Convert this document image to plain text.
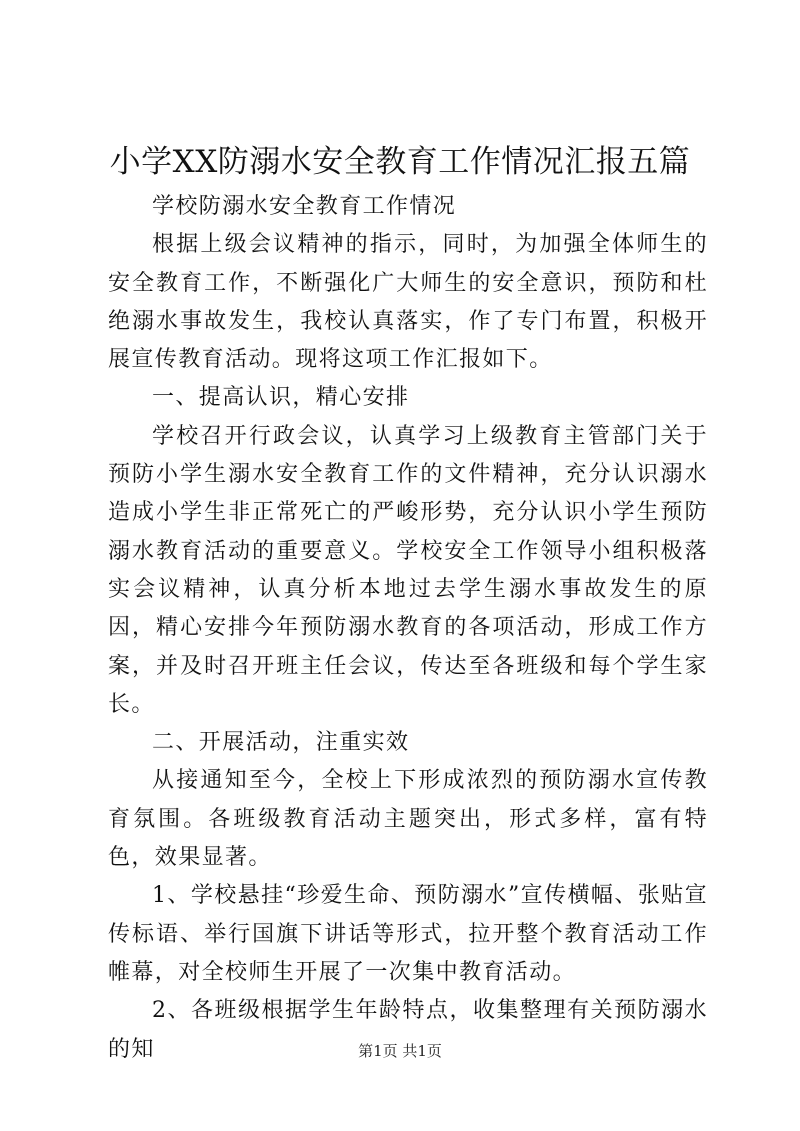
小学XX防溺水安全教育工作情况汇报五篇

学校防溺水安全教育工作情况

根据上级会议精神的指示，同时，为加强全体师生的安全教育工作，不断强化广大师生的安全意识，预防和杜绝溺水事故发生，我校认真落实，作了专门布置，积极开展宣传教育活动。现将这项工作汇报如下。

一、提高认识，精心安排

学校召开行政会议，认真学习上级教育主管部门关于预防小学生溺水安全教育工作的文件精神，充分认识溺水造成小学生非正常死亡的严峻形势，充分认识小学生预防溺水教育活动的重要意义。学校安全工作领导小组积极落实会议精神，认真分析本地过去学生溺水事故发生的原因，精心安排今年预防溺水教育的各项活动，形成工作方案，并及时召开班主任会议，传达至各班级和每个学生家长。

二、开展活动，注重实效

从接通知至今，全校上下形成浓烈的预防溺水宣传教育氛围。各班级教育活动主题突出，形式多样，富有特色，效果显著。

1、学校悬挂“珍爱生命、预防溺水”宣传横幅、张贴宣传标语、举行国旗下讲话等形式，拉开整个教育活动工作帷幕，对全校师生开展了一次集中教育活动。

2、各班级根据学生年龄特点，收集整理有关预防溺水的知	第1页 共1页
